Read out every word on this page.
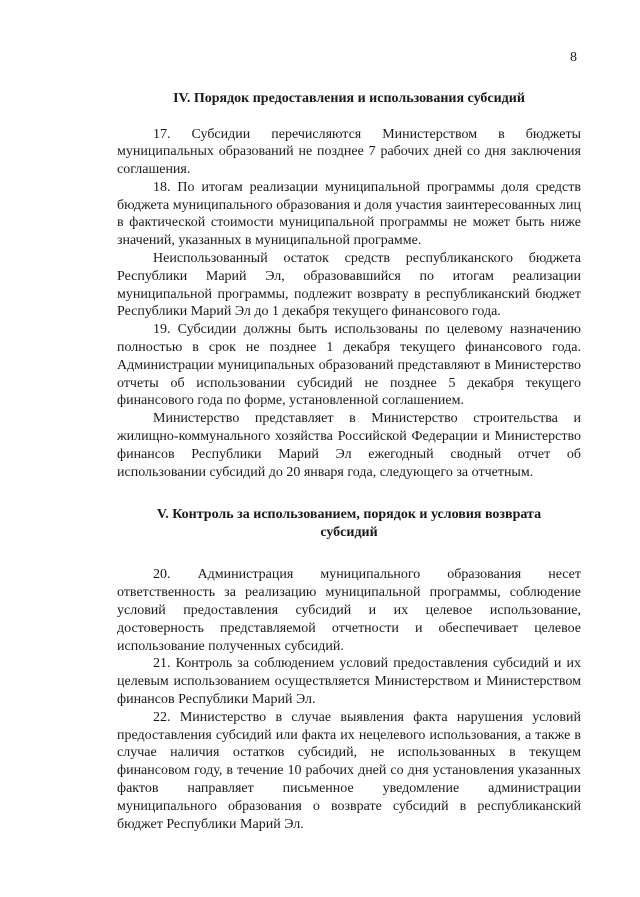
8
IV. Порядок предоставления и использования субсидий

17. Субсидии перечисляются Министерством в бюджеты муниципальных образований не позднее 7 рабочих дней со дня заключения соглашения.

18. По итогам реализации муниципальной программы доля средств бюджета муниципального образования и доля участия заинтересованных лиц в фактической стоимости муниципальной программы не может быть ниже значений, указанных в муниципальной программе.

Неиспользованный остаток средств республиканского бюджета Республики Марий Эл, образовавшийся по итогам реализации муниципальной программы, подлежит возврату в республиканский бюджет Республики Марий Эл до 1 декабря текущего финансового года.

19. Субсидии должны быть использованы по целевому назначению полностью в срок не позднее 1 декабря текущего финансового года. Администрации муниципальных образований представляют в Министерство отчеты об использовании субсидий не позднее 5 декабря текущего финансового года по форме, установленной соглашением.

Министерство представляет в Министерство строительства и жилищно-коммунального хозяйства Российской Федерации и Министерство финансов Республики Марий Эл ежегодный сводный отчет об использовании субсидий до 20 января года, следующего за отчетным.

V. Контроль за использованием, порядок и условия возврата
субсидий

20. Администрация муниципального образования несет ответственность за реализацию муниципальной программы, соблюдение условий предоставления субсидий и их целевое использование, достоверность представляемой отчетности и обеспечивает целевое использование полученных субсидий.

21. Контроль за соблюдением условий предоставления субсидий и их целевым использованием осуществляется Министерством и Министерством финансов Республики Марий Эл.

22. Министерство в случае выявления факта нарушения условий предоставления субсидий или факта их нецелевого использования, а также в случае наличия остатков субсидий, не использованных в текущем финансовом году, в течение 10 рабочих дней со дня установления указанных фактов направляет письменное уведомление администрации муниципального образования о возврате субсидий в республиканский бюджет Республики Марий Эл.
